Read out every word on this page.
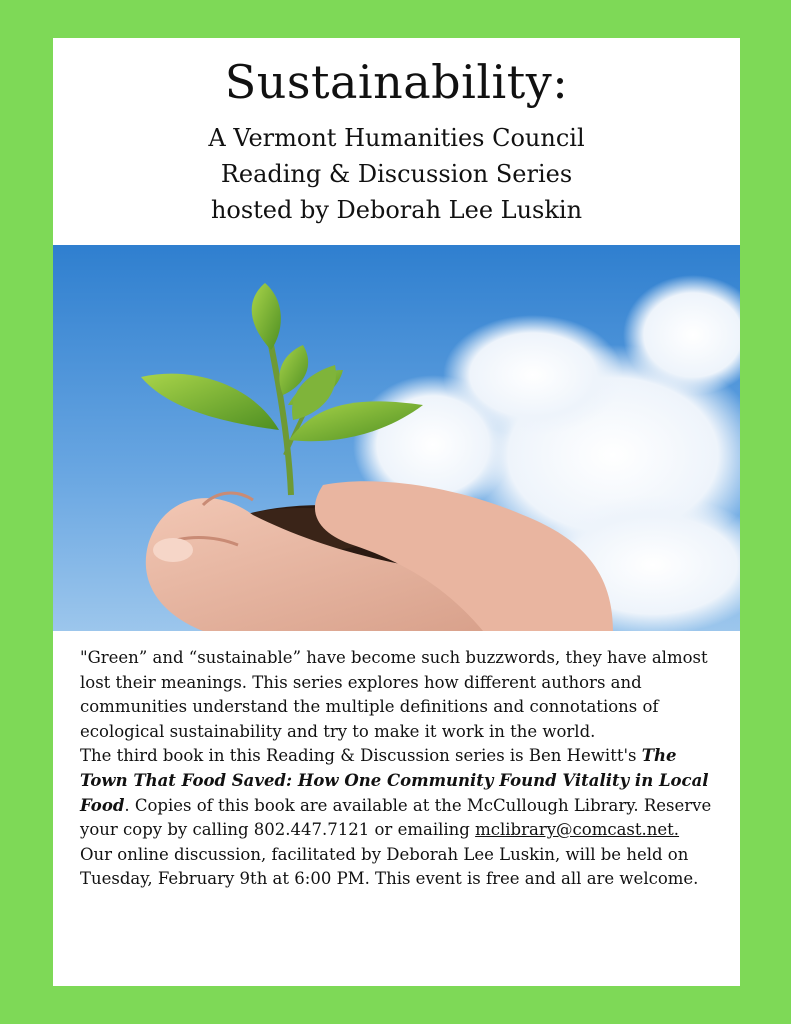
Sustainability:
A Vermont Humanities Council
Reading & Discussion Series
hosted by Deborah Lee Luskin

"Green” and “sustainable” have become such buzzwords, they have almost lost their meanings. This series explores how different authors and communities understand the multiple definitions and connotations of ecological sustainability and try to make it work in the world.

The third book in this Reading & Discussion series is Ben Hewitt's The Town That Food Saved: How One Community Found Vitality in Local Food. Copies of this book are available at the McCullough Library. Reserve your copy by calling 802.447.7121 or emailing mclibrary@comcast.net. Our online discussion, facilitated by Deborah Lee Luskin, will be held on Tuesday, February 9th at 6:00 PM. This event is free and all are welcome.
